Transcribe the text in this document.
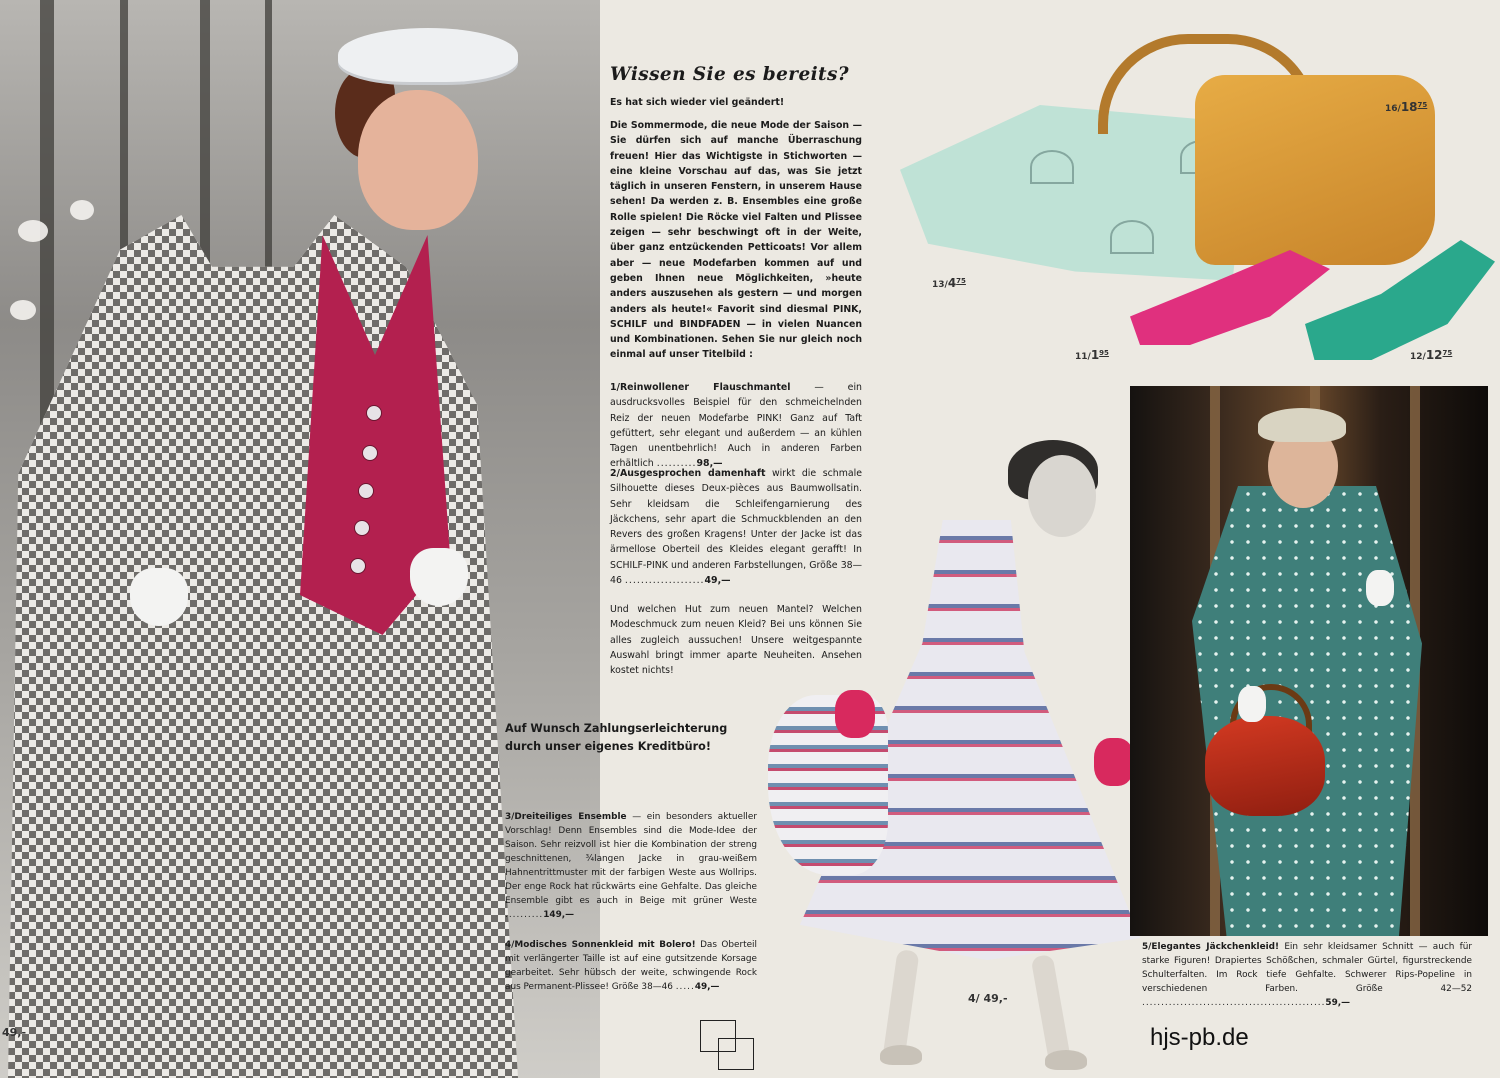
49,-
Wissen Sie es bereits?
Es hat sich wieder viel geändert!

Die Sommermode, die neue Mode der Saison — Sie dürfen sich auf manche Überraschung freuen! Hier das Wichtigste in Stichworten — eine kleine Vorschau auf das, was Sie jetzt täglich in unseren Fenstern, in unserem Hause sehen! Da werden z. B. Ensembles eine große Rolle spielen! Die Röcke viel Falten und Plissee zeigen — sehr beschwingt oft in der Weite, über ganz entzückenden Petticoats! Vor allem aber — neue Modefarben kommen auf und geben Ihnen neue Möglichkeiten, »heute anders auszusehen als gestern — und morgen anders als heute!« Favorit sind diesmal PINK, SCHILF und BINDFADEN — in vielen Nuancen und Kombinationen. Sehen Sie nur gleich noch einmal auf unser Titelbild :

1/Reinwollener Flauschmantel — ein ausdrucksvolles Beispiel für den schmeichelnden Reiz der neuen Modefarbe PINK! Ganz auf Taft gefüttert, sehr elegant und außerdem — an kühlen Tagen unentbehrlich! Auch in anderen Farben erhältlich ..........98,—

2/Ausgesprochen damenhaft wirkt die schmale Silhouette dieses Deux-pièces aus Baumwollsatin. Sehr kleidsam die Schleifengarnierung des Jäckchens, sehr apart die Schmuckblenden an den Revers des großen Kragens! Unter der Jacke ist das ärmellose Oberteil des Kleides elegant gerafft! In SCHILF-PINK und anderen Farbstellungen, Größe 38—46 ....................49,—

Und welchen Hut zum neuen Mantel? Welchen Modeschmuck zum neuen Kleid? Bei uns können Sie alles zugleich aussuchen! Unsere weitgespannte Auswahl bringt immer aparte Neuheiten. Ansehen kostet nichts!

Auf Wunsch Zahlungserleichterung
durch unser eigenes Kreditbüro!

3/Dreiteiliges Ensemble — ein besonders aktueller Vorschlag! Denn Ensembles sind die Mode-Idee der Saison. Sehr reizvoll ist hier die Kombination der streng geschnittenen, ¾langen Jacke in grau-weißem Hahnentrittmuster mit der farbigen Weste aus Wollrips. Der enge Rock hat rückwärts eine Gehfalte. Das gleiche Ensemble gibt es auch in Beige mit grüner Weste ..........149,—

4/Modisches Sonnenkleid mit Bolero! Das Oberteil mit verlängerter Taille ist auf eine gutsitzende Korsage gearbeitet. Sehr hübsch der weite, schwingende Rock aus Permanent-Plissee! Größe 38—46 .....49,—

$16/18^{75}$
$13/4^{75}$
$11/1^{95}$	$12/12^{75}$
4/ 49,-
5/Elegantes Jäckchenkleid! Ein sehr kleidsamer Schnitt — auch für starke Figuren! Drapiertes Schößchen, schmaler Gürtel, figurstreckende Schulterfalten. Im Rock tiefe Gehfalte. Schwerer Rips-Popeline in verschiedenen Farben. Größe 42—52 ................................................59,—
hjs-pb.de
